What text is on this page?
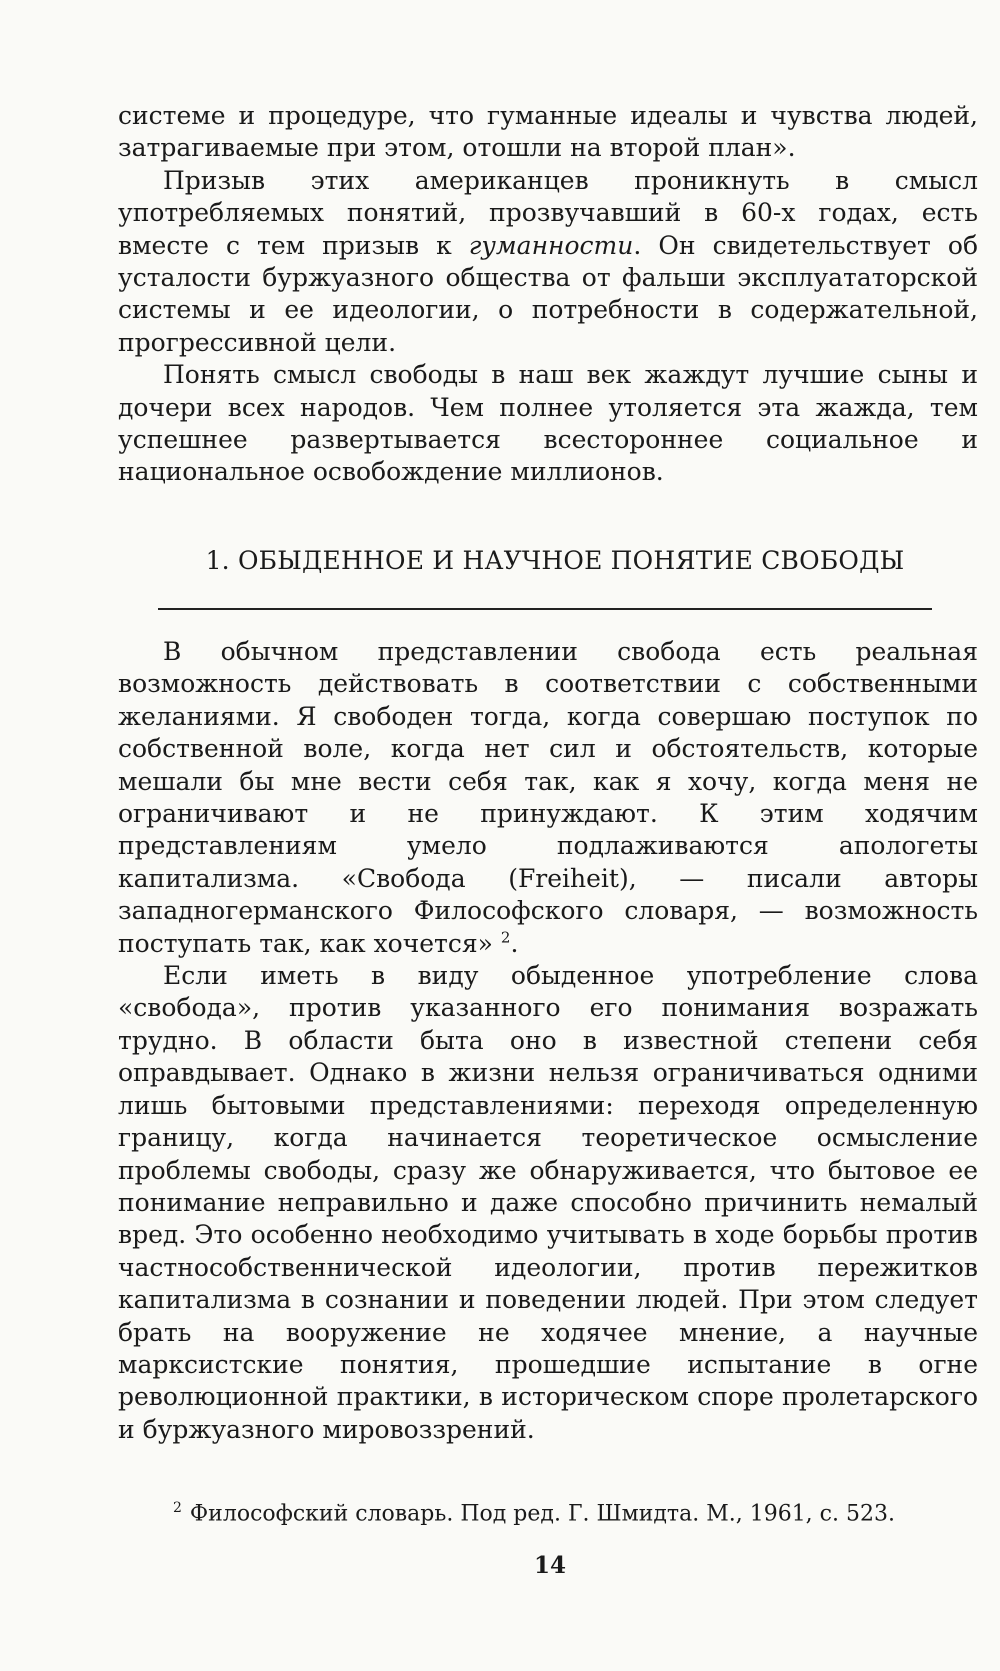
системе и процедуре, что гуманные идеалы и чувства людей, затрагиваемые при этом, отошли на второй план».

Призыв этих американцев проникнуть в смысл употребляемых понятий, прозвучавший в 60-х годах, есть вместе с тем призыв к гуманности. Он свидетельствует об усталости буржуазного общества от фальши эксплуататорской системы и ее идеологии, о потребности в содержательной, прогрессивной цели.

Понять смысл свободы в наш век жаждут лучшие сыны и дочери всех народов. Чем полнее утоляется эта жажда, тем успешнее развертывается всестороннее социальное и национальное освобождение миллионов.

1. ОБЫДЕННОЕ И НАУЧНОЕ ПОНЯТИЕ СВОБОДЫ

В обычном представлении свобода есть реальная возможность действовать в соответствии с собственными желаниями. Я свободен тогда, когда совершаю поступок по собственной воле, когда нет сил и обстоятельств, которые мешали бы мне вести себя так, как я хочу, когда меня не ограничивают и не принуждают. К этим ходячим представлениям умело подлаживаются апологеты капитализма. «Свобода (Freiheit), — писали авторы западногерманского Философского словаря, — возможность поступать так, как хочется» $^2$.

Если иметь в виду обыденное употребление слова «свобода», против указанного его понимания возражать трудно. В области быта оно в известной степени себя оправдывает. Однако в жизни нельзя ограничиваться одними лишь бытовыми представлениями: переходя определенную границу, когда начинается теоретическое осмысление проблемы свободы, сразу же обнаруживается, что бытовое ее понимание неправильно и даже способно причинить немалый вред. Это особенно необходимо учитывать в ходе борьбы против частнособственнической идеологии, против пережитков капитализма в сознании и поведении людей. При этом следует брать на вооружение не ходячее мнение, а научные марксистские понятия, прошедшие испытание в огне революционной практики, в историческом споре пролетарского и буржуазного мировоззрений.

$^2$ Философский словарь. Под ред. Г. Шмидта. М., 1961, с. 523.
14
